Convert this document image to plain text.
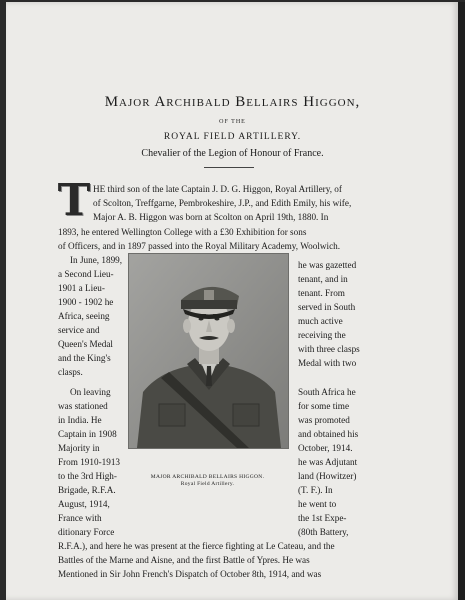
Major Archibald Bellairs Higgon,
OF THE
ROYAL FIELD ARTILLERY.
Chevalier of the Legion of Honour of France.
T HE third son of the late Captain J. D. G. Higgon, Royal Artillery, of
of Scolton, Treffgarne, Pembrokeshire, J.P., and Edith Emily, his wife,
Major A. B. Higgon was born at Scolton on April 19th, 1880. In
1893, he entered Wellington College with a £30 Exhibition for sons
of Officers, and in 1897 passed into the Royal Military Academy, Woolwich.
In June, 1899,	he was gazetted
a Second Lieu-	tenant, and in
1901 a Lieu-	tenant. From
1900 - 1902 he	served in South
Africa, seeing	much active
service and	receiving the
Queen's Medal	with three clasps
and the King's	Medal with two
clasps.
On leaving	South Africa he
was stationed	for some time
in India. He	was promoted
Captain in 1908	and obtained his
Majority in	October, 1914.
From 1910-1913	he was Adjutant
to the 3rd High-	land (Howitzer)
Brigade, R.F.A.	(T. F.). In
August, 1914,	he went to
France with	the 1st Expe-
ditionary Force	(80th Battery,
R.F.A.), and here he was present at the fierce fighting at Le Cateau, and the
Battles of the Marne and Aisne, and the first Battle of Ypres. He was
Mentioned in Sir John French's Dispatch of October 8th, 1914, and was
MAJOR ARCHIBALD BELLAIRS HIGGON.
Royal Field Artillery.
